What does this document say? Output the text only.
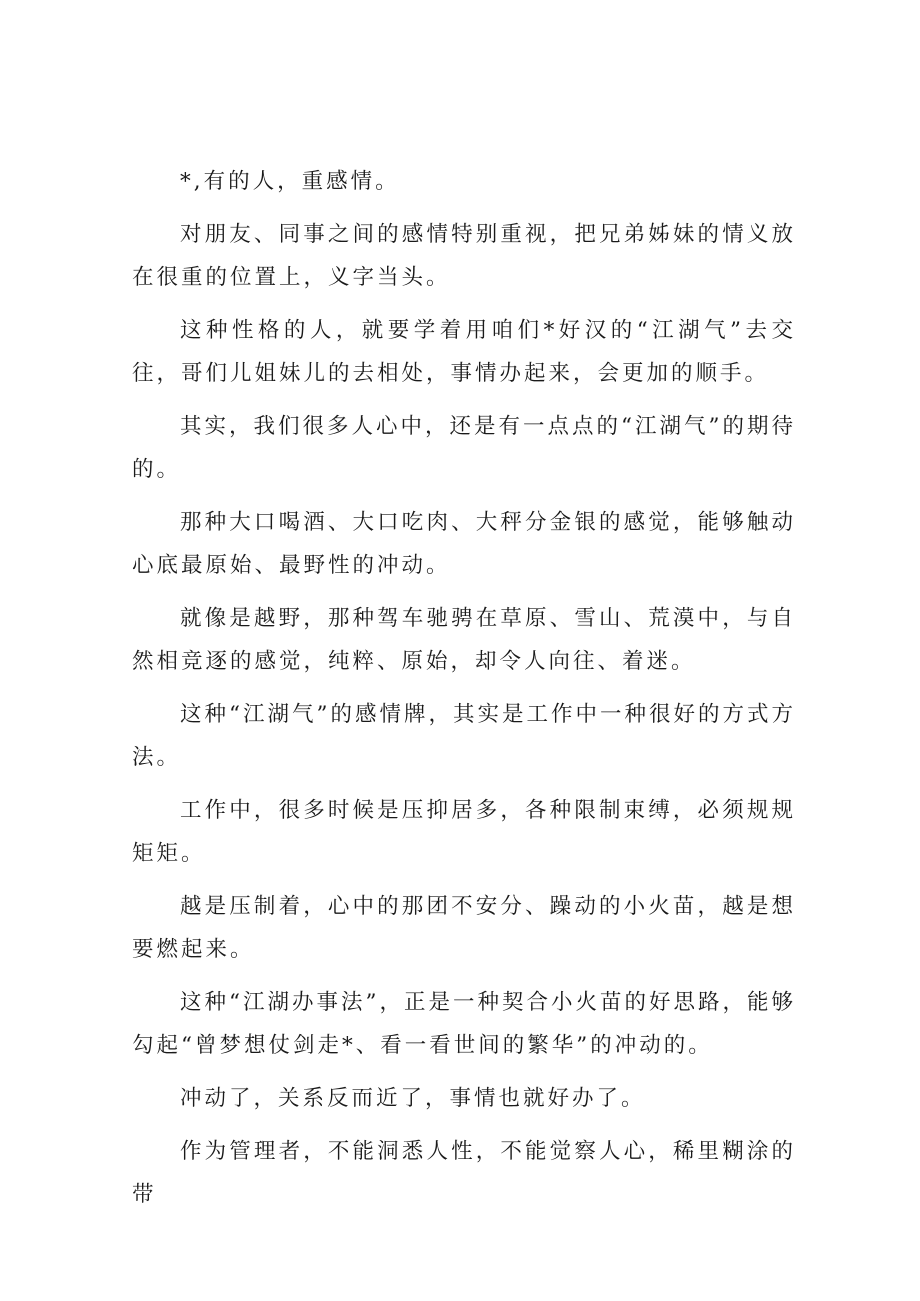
*,有的人，重感情。

对朋友、同事之间的感情特别重视，把兄弟姊妹的情义放在很重的位置上，义字当头。

这种性格的人，就要学着用咱们*好汉的“江湖气”去交往，哥们儿姐妹儿的去相处，事情办起来，会更加的顺手。

其实，我们很多人心中，还是有一点点的“江湖气”的期待的。

那种大口喝酒、大口吃肉、大秤分金银的感觉，能够触动心底最原始、最野性的冲动。

就像是越野，那种驾车驰骋在草原、雪山、荒漠中，与自然相竞逐的感觉，纯粹、原始，却令人向往、着迷。

这种“江湖气”的感情牌，其实是工作中一种很好的方式方法。

工作中，很多时候是压抑居多，各种限制束缚，必须规规矩矩。

越是压制着，心中的那团不安分、躁动的小火苗，越是想要燃起来。

这种“江湖办事法”，正是一种契合小火苗的好思路，能够勾起“曾梦想仗剑走*、看一看世间的繁华”的冲动的。

冲动了，关系反而近了，事情也就好办了。

作为管理者，不能洞悉人性，不能觉察人心，稀里糊涂的带
